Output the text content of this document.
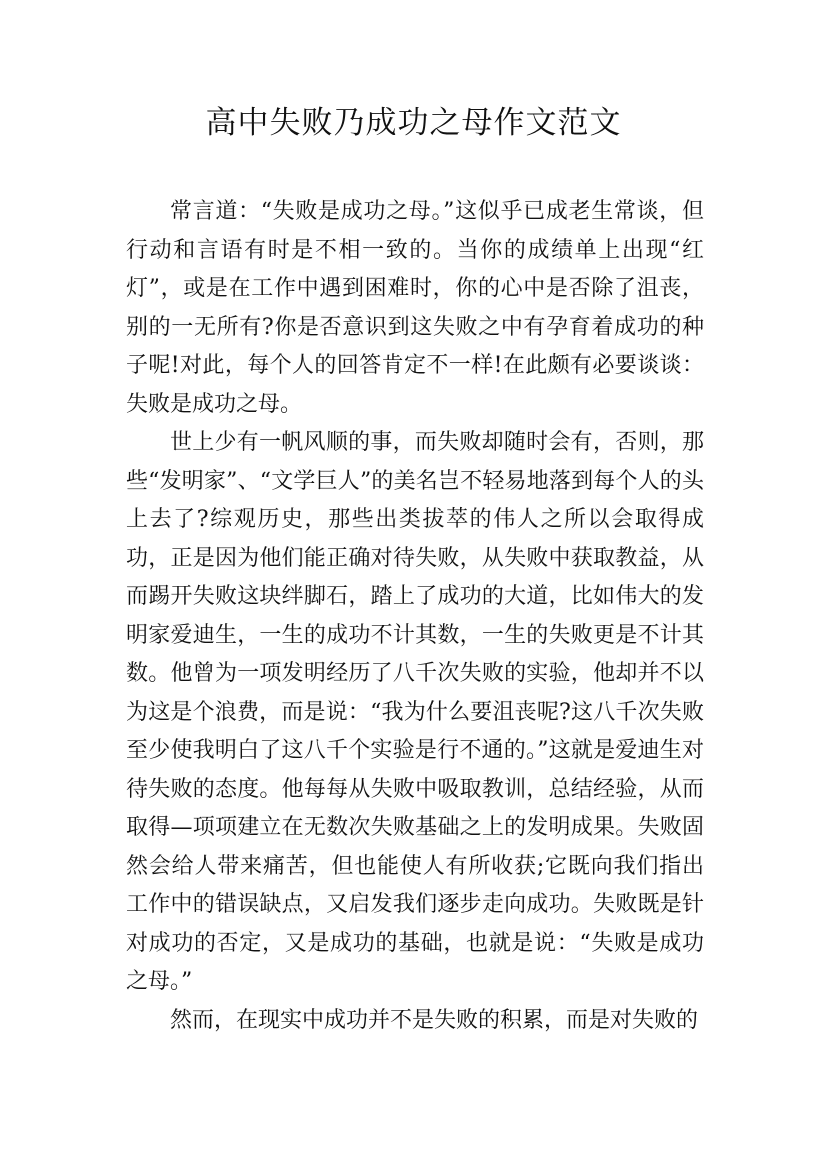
高中失败乃成功之母作文范文

常言道：“失败是成功之母。”这似乎已成老生常谈，但行动和言语有时是不相一致的。当你的成绩单上出现“红灯”，或是在工作中遇到困难时，你的心中是否除了沮丧，别的一无所有?你是否意识到这失败之中有孕育着成功的种子呢!对此，每个人的回答肯定不一样!在此颇有必要谈谈：失败是成功之母。

世上少有一帆风顺的事，而失败却随时会有，否则，那些“发明家”、“文学巨人”的美名岂不轻易地落到每个人的头上去了?综观历史，那些出类拔萃的伟人之所以会取得成功，正是因为他们能正确对待失败，从失败中获取教益，从而踢开失败这块绊脚石，踏上了成功的大道，比如伟大的发明家爱迪生，一生的成功不计其数，一生的失败更是不计其数。他曾为一项发明经历了八千次失败的实验，他却并不以为这是个浪费，而是说：“我为什么要沮丧呢?这八千次失败至少使我明白了这八千个实验是行不通的。”这就是爱迪生对待失败的态度。他每每从失败中吸取教训，总结经验，从而取得—项项建立在无数次失败基础之上的发明成果。失败固然会给人带来痛苦，但也能使人有所收获;它既向我们指出工作中的错误缺点，又启发我们逐步走向成功。失败既是针对成功的否定，又是成功的基础，也就是说：“失败是成功之母。”

然而，在现实中成功并不是失败的积累，而是对失败的
